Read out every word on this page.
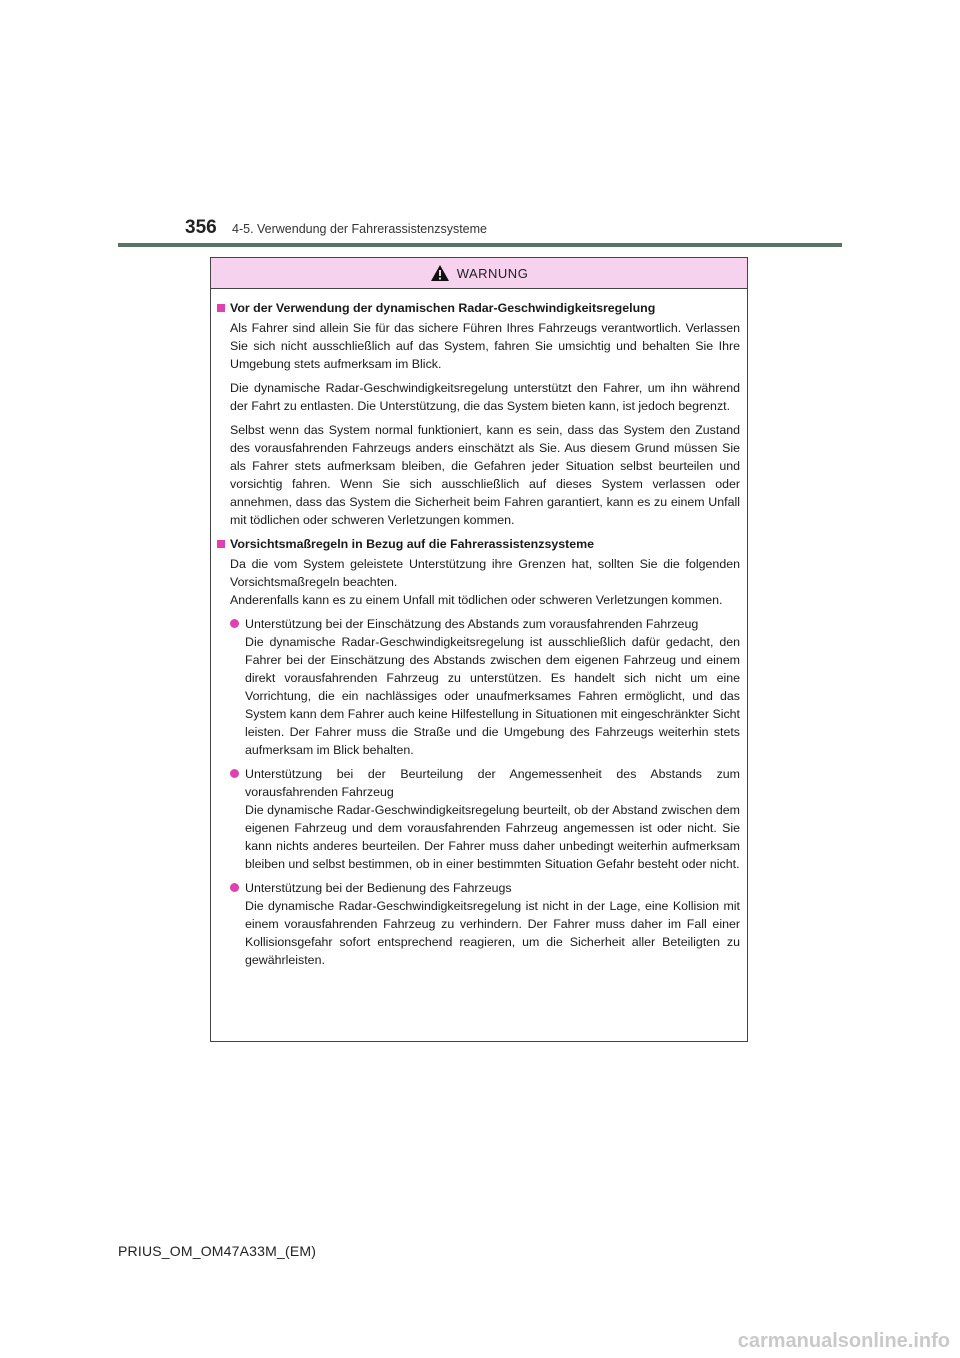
356 4-5. Verwendung der Fahrerassistenzsysteme
WARNUNG
Vor der Verwendung der dynamischen Radar-Geschwindigkeitsregelung

Als Fahrer sind allein Sie für das sichere Führen Ihres Fahrzeugs verantwortlich. Verlassen Sie sich nicht ausschließlich auf das System, fahren Sie umsichtig und behalten Sie Ihre Umgebung stets aufmerksam im Blick.

Die dynamische Radar-Geschwindigkeitsregelung unterstützt den Fahrer, um ihn während der Fahrt zu entlasten. Die Unterstützung, die das System bieten kann, ist jedoch begrenzt.

Selbst wenn das System normal funktioniert, kann es sein, dass das System den Zustand des vorausfahrenden Fahrzeugs anders einschätzt als Sie. Aus diesem Grund müssen Sie als Fahrer stets aufmerksam bleiben, die Gefahren jeder Situation selbst beurteilen und vorsichtig fahren. Wenn Sie sich ausschließlich auf dieses System verlassen oder annehmen, dass das System die Sicherheit beim Fahren garantiert, kann es zu einem Unfall mit tödlichen oder schweren Verletzungen kommen.

Vorsichtsmaßregeln in Bezug auf die Fahrerassistenzsysteme

Da die vom System geleistete Unterstützung ihre Grenzen hat, sollten Sie die folgenden Vorsichtsmaßregeln beachten.

Anderenfalls kann es zu einem Unfall mit tödlichen oder schweren Verletzungen kommen.

Unterstützung bei der Einschätzung des Abstands zum vorausfahrenden Fahrzeug
Die dynamische Radar-Geschwindigkeitsregelung ist ausschließlich dafür gedacht, den Fahrer bei der Einschätzung des Abstands zwischen dem eigenen Fahrzeug und einem direkt vorausfahrenden Fahrzeug zu unterstützen. Es handelt sich nicht um eine Vorrichtung, die ein nachlässiges oder unaufmerksames Fahren ermöglicht, und das System kann dem Fahrer auch keine Hilfestellung in Situationen mit eingeschränkter Sicht leisten. Der Fahrer muss die Straße und die Umgebung des Fahrzeugs weiterhin stets aufmerksam im Blick behalten.
Unterstützung bei der Beurteilung der Angemessenheit des Abstands zum vorausfahrenden Fahrzeug
Die dynamische Radar-Geschwindigkeitsregelung beurteilt, ob der Abstand zwischen dem eigenen Fahrzeug und dem vorausfahrenden Fahrzeug angemessen ist oder nicht. Sie kann nichts anderes beurteilen. Der Fahrer muss daher unbedingt weiterhin aufmerksam bleiben und selbst bestimmen, ob in einer bestimmten Situation Gefahr besteht oder nicht.
Unterstützung bei der Bedienung des Fahrzeugs
Die dynamische Radar-Geschwindigkeitsregelung ist nicht in der Lage, eine Kollision mit einem vorausfahrenden Fahrzeug zu verhindern. Der Fahrer muss daher im Fall einer Kollisionsgefahr sofort entsprechend reagieren, um die Sicherheit aller Beteiligten zu gewährleisten.
PRIUS_OM_OM47A33M_(EM)
carmanualsonline.info
